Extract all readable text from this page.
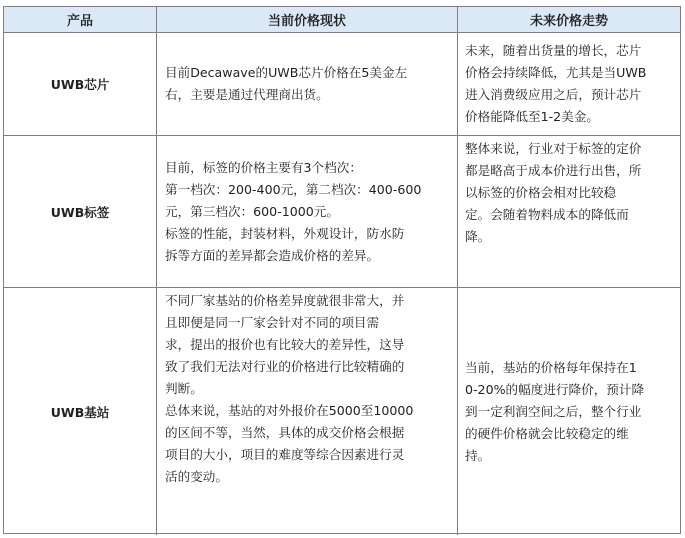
产品	当前价格现状	未来价格走势
UWB芯片
目前Decawave的UWB芯片价格在5美金左
右，主要是通过代理商出货。
未来，随着出货量的增长，芯片
价格会持续降低，尤其是当UWB
进入消费级应用之后，预计芯片
价格能降低至1-2美金。
UWB标签
目前，标签的价格主要有3个档次：
第一档次：200-400元，第二档次：400-600
元，第三档次：600-1000元。
标签的性能，封装材料，外观设计，防水防
拆等方面的差异都会造成价格的差异。
整体来说，行业对于标签的定价
都是略高于成本价进行出售，所
以标签的价格会相对比较稳
定。会随着物料成本的降低而
降。
UWB基站
不同厂家基站的价格差异度就很非常大，并
且即便是同一厂家会针对不同的项目需
求，提出的报价也有比较大的差异性，这导
致了我们无法对行业的价格进行比较精确的
判断。
总体来说，基站的对外报价在5000至10000
的区间不等，当然，具体的成交价格会根据
项目的大小，项目的难度等综合因素进行灵
活的变动。
当前，基站的价格每年保持在1
0-20%的幅度进行降价，预计降
到一定利润空间之后，整个行业
的硬件价格就会比较稳定的维
持。
